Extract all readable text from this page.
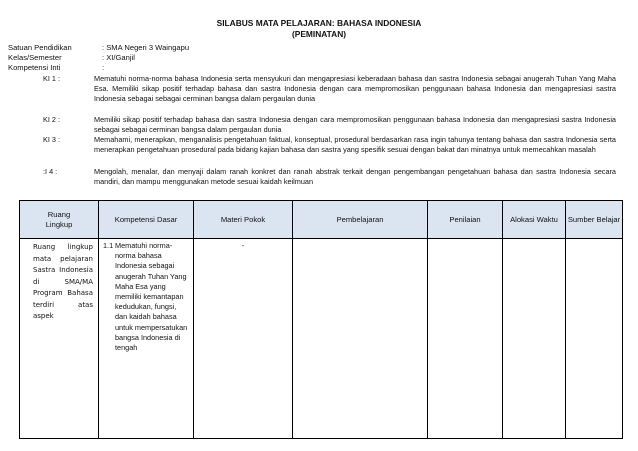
SILABUS MATA PELAJARAN: BAHASA INDONESIA
(PEMINATAN)
Satuan Pendidikan	: SMA Negeri 3 Waingapu
Kelas/Semester	: XI/Ganjil
Kompetensi Inti	:
KI 1 :	Mematuhi norma-norma bahasa Indonesia serta mensyukuri dan mengapresiasi keberadaan bahasa dan sastra Indonesia sebagai anugerah Tuhan Yang Maha Esa. Memiliki sikap positif terhadap bahasa dan sastra Indonesia dengan cara mempromosikan penggunaan bahasa Indonesia dan mengapresiasi sastra Indonesia sebagai sebagai cerminan bangsa dalam pergaulan dunia
KI 2 :	Memiliki sikap positif terhadap bahasa dan sastra Indonesia dengan cara mempromosikan penggunaan bahasa Indonesia dan mengapresiasi sastra Indonesia sebagai sebagai cerminan bangsa dalam pergaulan dunia
KI 3 :	Memahami, menerapkan, menganalisis pengetahuan faktual, konseptual, prosedural berdasarkan rasa ingin tahunya tentang bahasa dan sastra Indonesia serta menerapkan pengetahuan prosedural pada bidang kajian bahasa dan sastra yang spesifik sesuai dengan bakat dan minatnya untuk memecahkan masalah
:I 4 :	Mengolah, menalar, dan menyaji dalam ranah konkret dan ranah abstrak terkait dengan pengembangan pengetahuan bahasa dan sastra Indonesia secara mandiri, dan mampu menggunakan metode sesuai kaidah keilmuan
Ruang Lingkup	Kompetensi Dasar	Materi Pokok	Pembelajaran	Penilaian	Alokasi Waktu	Sumber Belajar

Ruang lingkup mata pelajaran Sastra Indonesia di SMA/MA Program Bahasa terdiri atas aspek	1.1 Mematuhi norma-norma bahasa Indonesia sebagai anugerah Tuhan Yang Maha Esa yang memiliki kemantapan kedudukan, fungsi, dan kaidah bahasa untuk mempersatukan bangsa Indonesia di tengah	-				
